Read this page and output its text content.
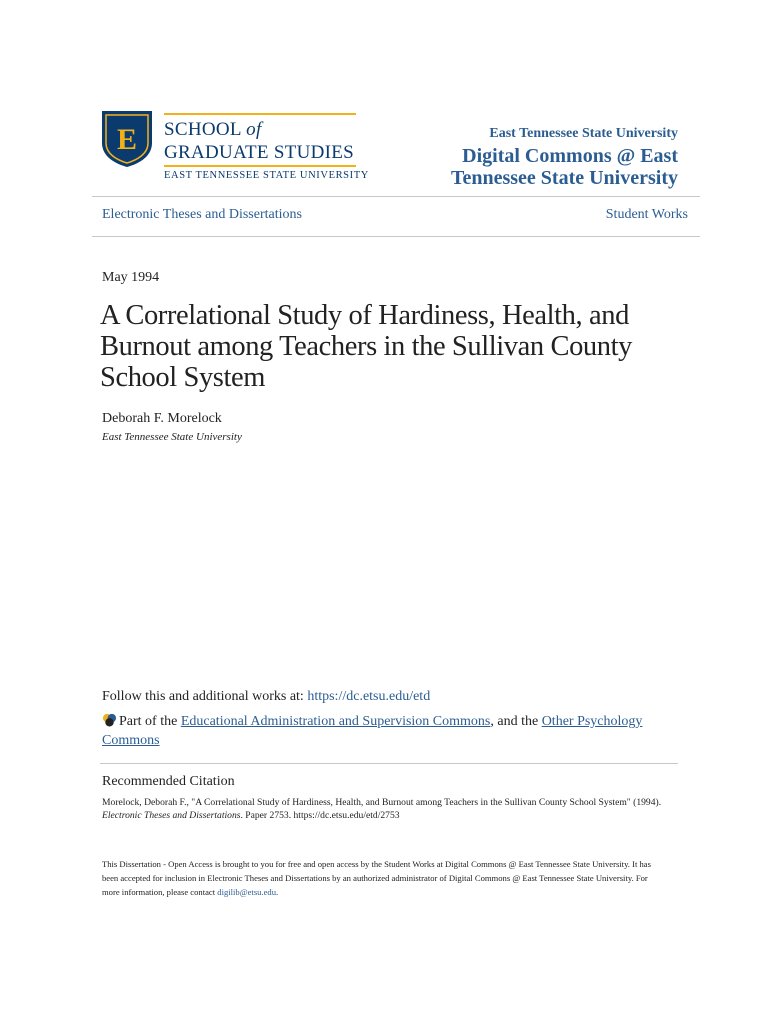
E SCHOOL of
GRADUATE STUDIES
EAST TENNESSEE STATE UNIVERSITY
East Tennessee State University
Digital Commons @ East
Tennessee State University
Electronic Theses and Dissertations	Student Works
May 1994
A Correlational Study of Hardiness, Health, and Burnout among Teachers in the Sullivan County School System
Deborah F. Morelock
East Tennessee State University
Follow this and additional works at: https://dc.etsu.edu/etd
Part of the Educational Administration and Supervision Commons, and the Other Psychology Commons
Recommended Citation
Morelock, Deborah F., "A Correlational Study of Hardiness, Health, and Burnout among Teachers in the Sullivan County School System" (1994). Electronic Theses and Dissertations. Paper 2753. https://dc.etsu.edu/etd/2753
This Dissertation - Open Access is brought to you for free and open access by the Student Works at Digital Commons @ East Tennessee State University. It has been accepted for inclusion in Electronic Theses and Dissertations by an authorized administrator of Digital Commons @ East Tennessee State University. For more information, please contact digilib@etsu.edu.
